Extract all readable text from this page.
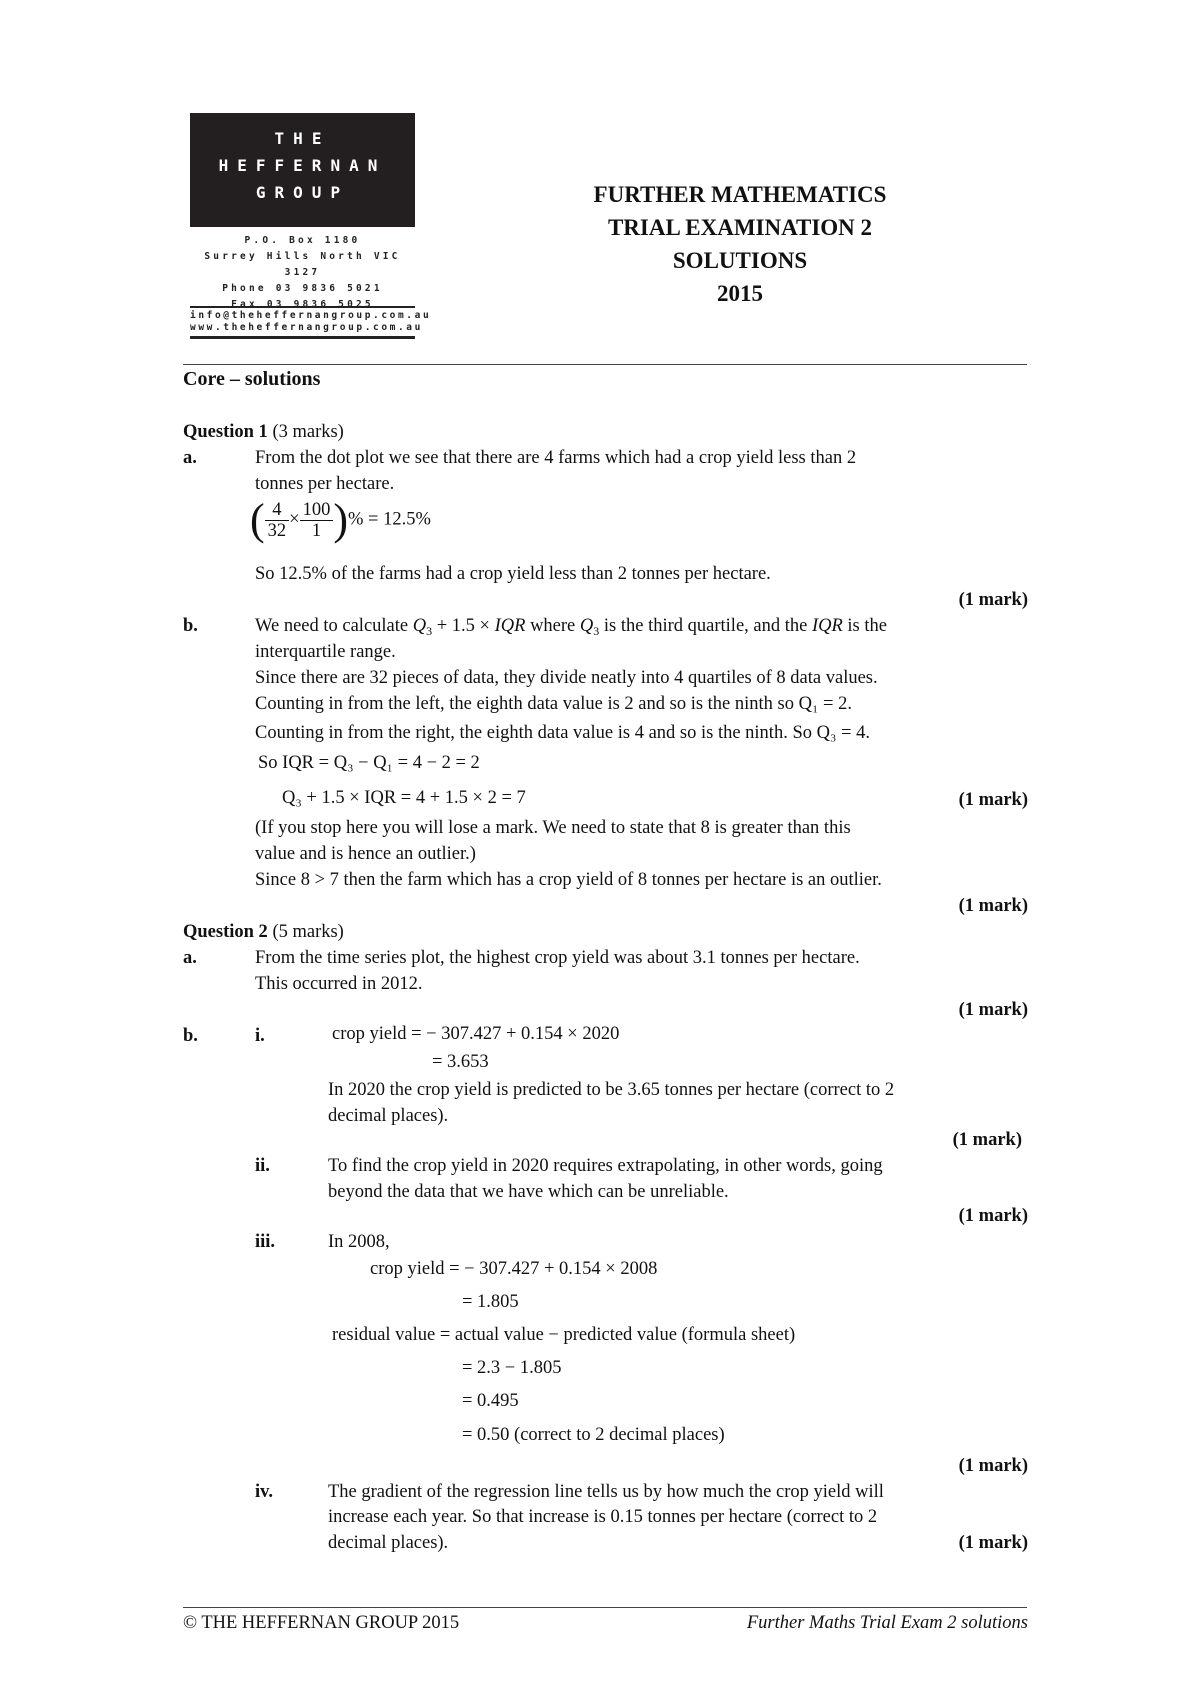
THE
HEFFERNAN
GROUP
P.O. Box 1180
Surrey Hills North VIC 3127
Phone 03 9836 5021
Fax 03 9836 5025
info@theheffernangroup.com.au
www.theheffernangroup.com.au
FURTHER MATHEMATICS
TRIAL EXAMINATION 2
SOLUTIONS
2015
Core – solutions
Question 1 (3 marks)
a.	From the dot plot we see that there are 4 farms which had a crop yield less than 2
tonnes per hectare.
( $\frac{4}{32} \times \frac{100}{1}$ )% = 12.5%
So 12.5% of the farms had a crop yield less than 2 tonnes per hectare.
(1 mark)
b.	We need to calculate $Q_3 + 1.5$ × IQR where $Q_3$ is the third quartile, and the IQR is the
interquartile range.
Since there are 32 pieces of data, they divide neatly into 4 quartiles of 8 data values.
Counting in from the left, the eighth data value is 2 and so is the ninth so Q₁ = 2.
Counting in from the right, the eighth data value is 4 and so is the ninth. So Q₃ = 4.
So IQR = Q₃ − Q₁ = 4 − 2 = 2
Q₃ + 1.5 × IQR = 4 + 1.5 × 2 = 7	(1 mark)
(If you stop here you will lose a mark. We need to state that 8 is greater than this
value and is hence an outlier.)
Since 8 > 7 then the farm which has a crop yield of 8 tonnes per hectare is an outlier.
(1 mark)
Question 2 (5 marks)
a.	From the time series plot, the highest crop yield was about 3.1 tonnes per hectare.
This occurred in 2012.
(1 mark)
b.	i.	crop yield = − 307.427 + 0.154 × 2020
= 3.653
In 2020 the crop yield is predicted to be 3.65 tonnes per hectare (correct to 2
decimal places).
(1 mark)
ii.	To find the crop yield in 2020 requires extrapolating, in other words, going
beyond the data that we have which can be unreliable.
(1 mark)
iii.	In 2008,
crop yield = − 307.427 + 0.154 × 2008
= 1.805
residual value = actual value − predicted value (formula sheet)
= 2.3 − 1.805
= 0.495
= 0.50 (correct to 2 decimal places)
(1 mark)
iv.	The gradient of the regression line tells us by how much the crop yield will
increase each year. So that increase is 0.15 tonnes per hectare (correct to 2
decimal places).	(1 mark)
© THE HEFFERNAN GROUP 2015	Further Maths Trial Exam 2 solutions
